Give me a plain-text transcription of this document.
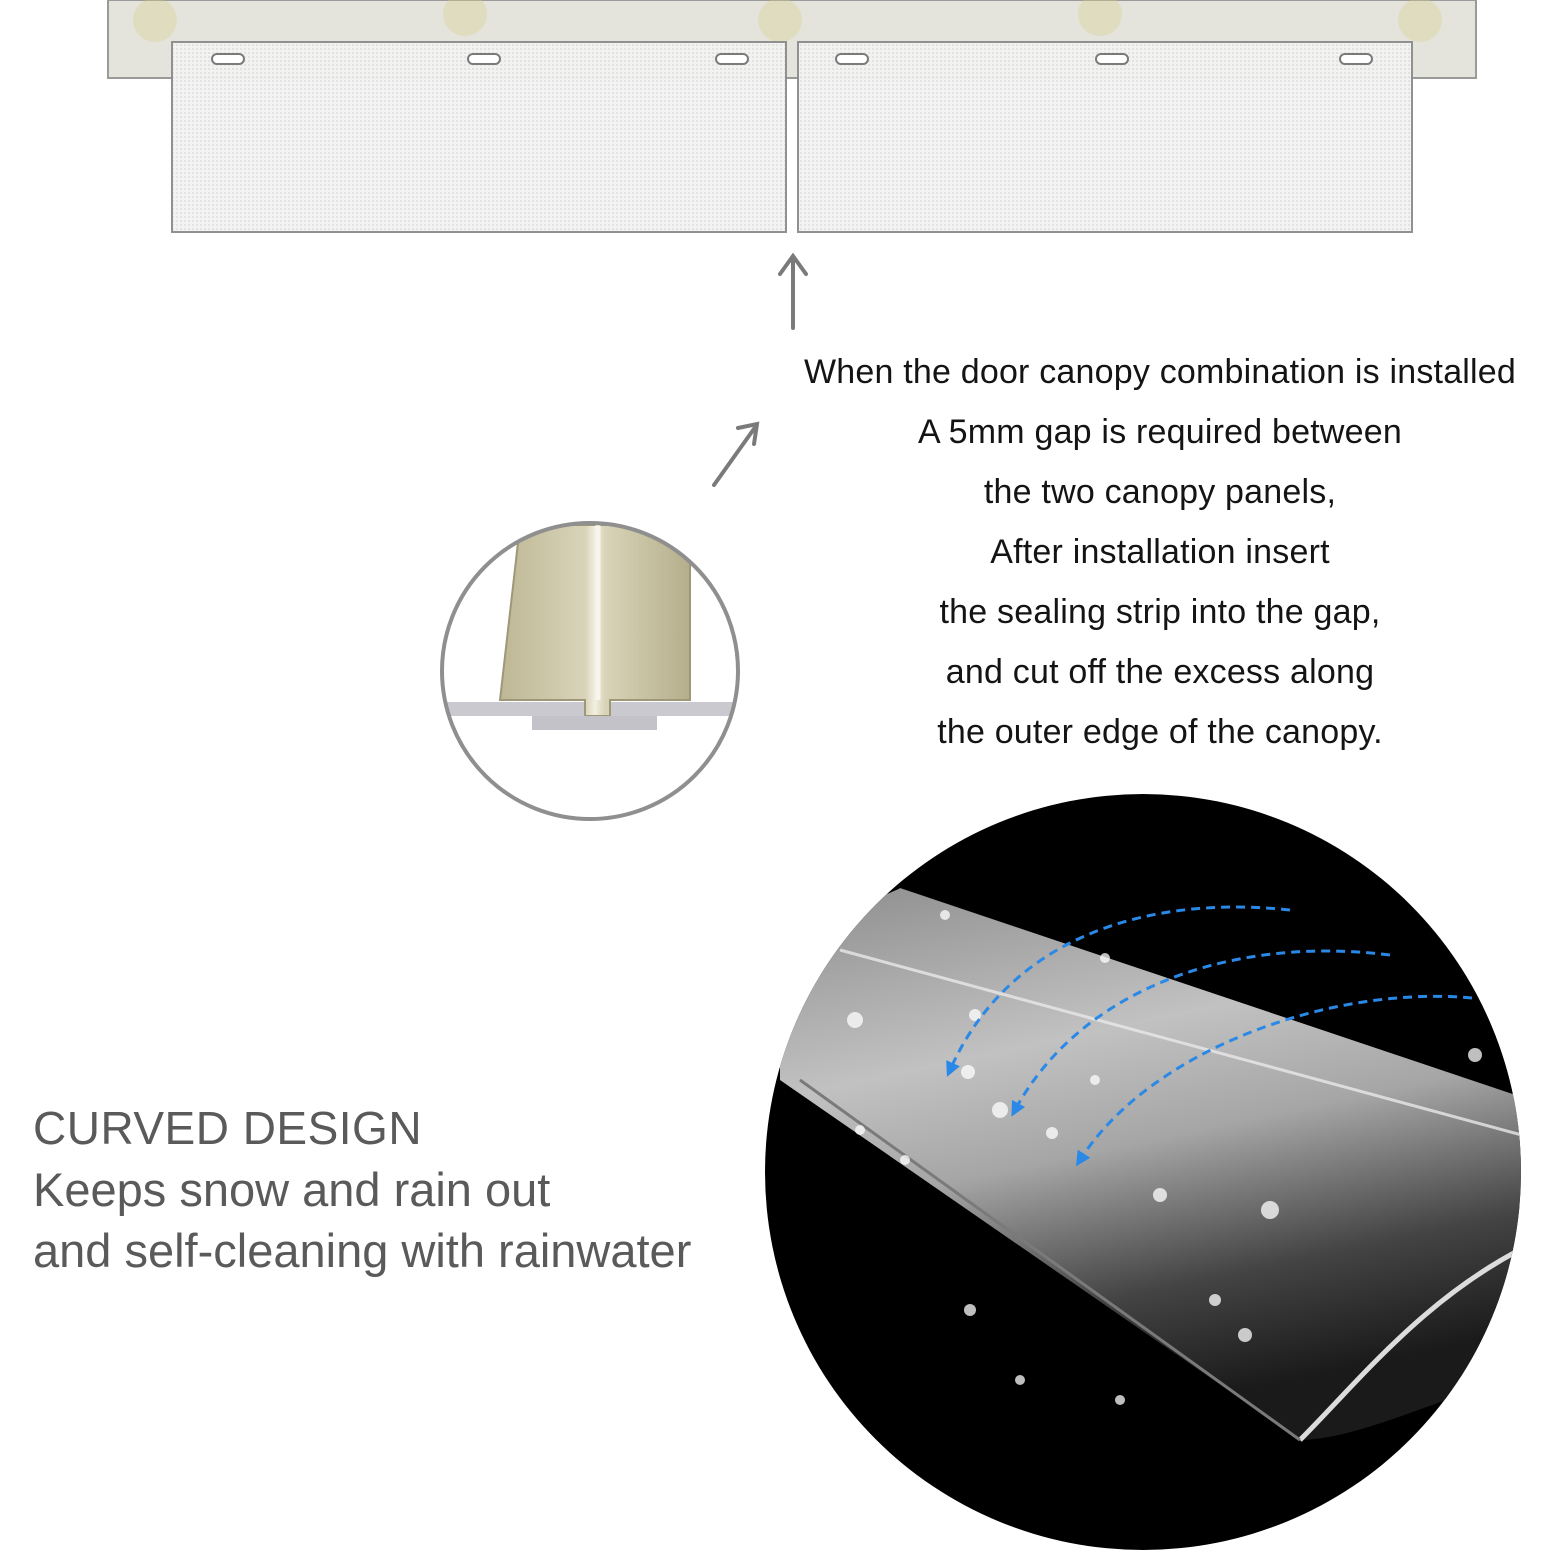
When the door canopy combination is installed
A 5mm gap is required between
the two canopy panels,
After installation insert
the sealing strip into the gap,
and cut off the excess along
the outer edge of the canopy.
CURVED DESIGN
Keeps snow and rain out
and self-cleaning with rainwater
